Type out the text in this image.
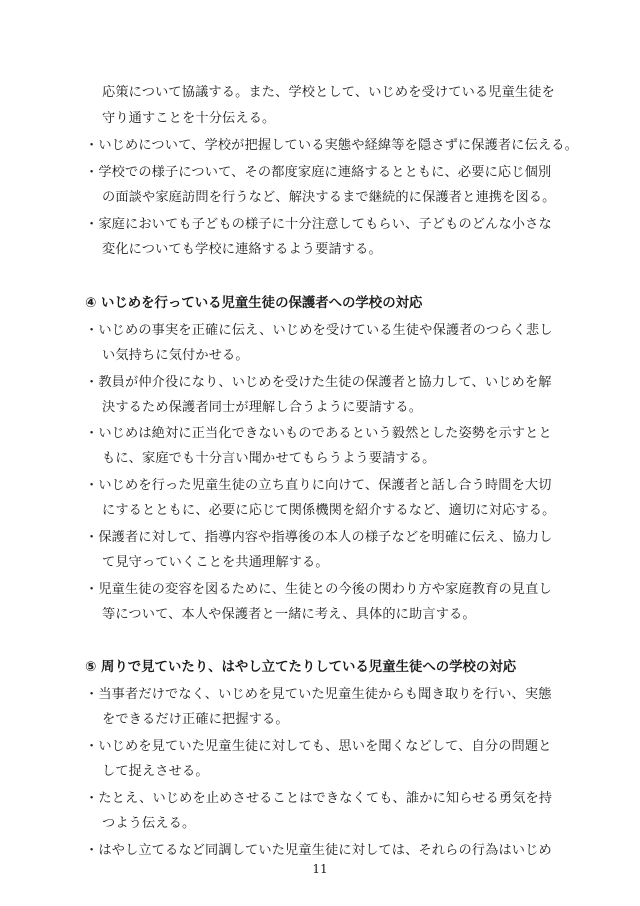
応策について協議する。また、学校として、いじめを受けている児童生徒を
守り通すことを十分伝える。
・いじめについて、学校が把握している実態や経緯等を隠さずに保護者に伝える。
・学校での様子について、その都度家庭に連絡するとともに、必要に応じ個別
の面談や家庭訪問を行うなど、解決するまで継続的に保護者と連携を図る。
・家庭においても子どもの様子に十分注意してもらい、子どものどんな小さな
変化についても学校に連絡するよう要請する。
④ いじめを行っている児童生徒の保護者への学校の対応
・いじめの事実を正確に伝え、いじめを受けている生徒や保護者のつらく悲し
い気持ちに気付かせる。
・教員が仲介役になり、いじめを受けた生徒の保護者と協力して、いじめを解
決するため保護者同士が理解し合うように要請する。
・いじめは絶対に正当化できないものであるという毅然とした姿勢を示すとと
もに、家庭でも十分言い聞かせてもらうよう要請する。
・いじめを行った児童生徒の立ち直りに向けて、保護者と話し合う時間を大切
にするとともに、必要に応じて関係機関を紹介するなど、適切に対応する。
・保護者に対して、指導内容や指導後の本人の様子などを明確に伝え、協力し
て見守っていくことを共通理解する。
・児童生徒の変容を図るために、生徒との今後の関わり方や家庭教育の見直し
等について、本人や保護者と一緒に考え、具体的に助言する。
⑤ 周りで見ていたり、はやし立てたりしている児童生徒への学校の対応
・当事者だけでなく、いじめを見ていた児童生徒からも聞き取りを行い、実態
をできるだけ正確に把握する。
・いじめを見ていた児童生徒に対しても、思いを聞くなどして、自分の問題と
して捉えさせる。
・たとえ、いじめを止めさせることはできなくても、誰かに知らせる勇気を持
つよう伝える。
・はやし立てるなど同調していた児童生徒に対しては、それらの行為はいじめ
11
